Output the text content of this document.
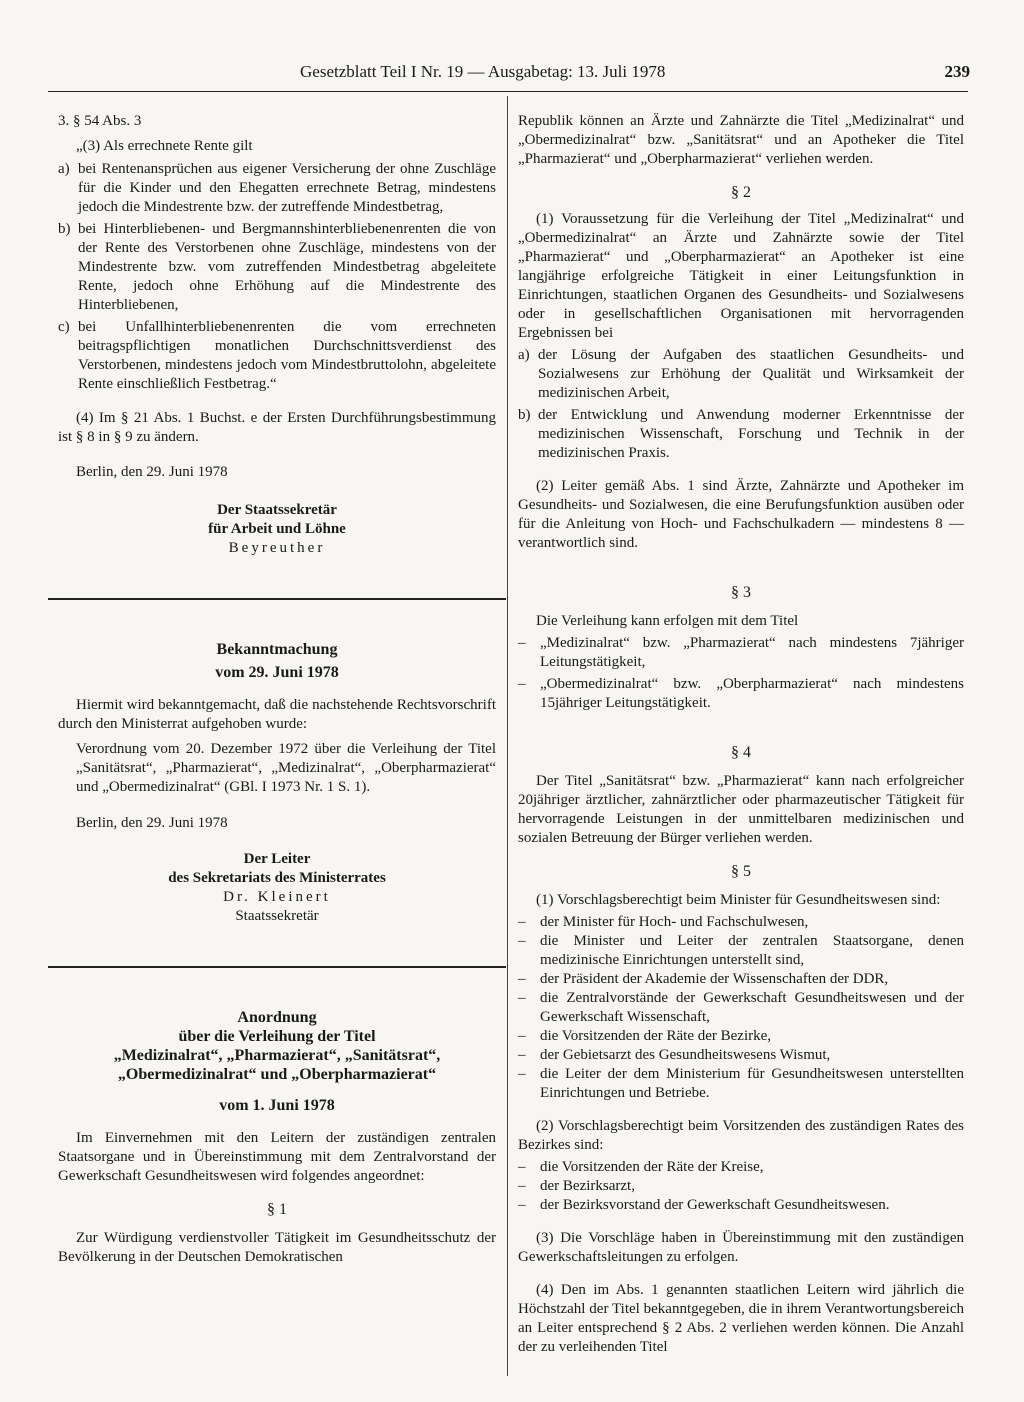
Gesetzblatt Teil I Nr. 19 — Ausgabetag: 13. Juli 1978	239

3. § 54 Abs. 3

„(3) Als errechnete Rente gilt

a) bei Rentenansprüchen aus eigener Versicherung der ohne Zuschläge für die Kinder und den Ehegatten errechnete Betrag, mindestens jedoch die Mindestrente bzw. der zutreffende Mindestbetrag,
b) bei Hinterbliebenen- und Bergmannshinterbliebenenrenten die von der Rente des Verstorbenen ohne Zuschläge, mindestens von der Mindestrente bzw. vom zutreffenden Mindestbetrag abgeleitete Rente, jedoch ohne Erhöhung auf die Mindestrente des Hinterbliebenen,
c) bei Unfallhinterbliebenenrenten die vom errechneten beitragspflichtigen monatlichen Durchschnittsverdienst des Verstorbenen, mindestens jedoch vom Mindestbruttolohn, abgeleitete Rente einschließlich Festbetrag.“

(4) Im § 21 Abs. 1 Buchst. e der Ersten Durchführungsbestimmung ist § 8 in § 9 zu ändern.

Berlin, den 29. Juni 1978

Der Staatssekretär

für Arbeit und Löhne

Beyreuther

Bekanntmachung

vom 29. Juni 1978

Hiermit wird bekanntgemacht, daß die nachstehende Rechtsvorschrift durch den Ministerrat aufgehoben wurde:

Verordnung vom 20. Dezember 1972 über die Verleihung der Titel „Sanitätsrat“, „Pharmazierat“, „Medizinalrat“, „Oberpharmazierat“ und „Obermedizinalrat“ (GBl. I 1973 Nr. 1 S. 1).

Berlin, den 29. Juni 1978

Der Leiter

des Sekretariats des Ministerrates

Dr. Kleinert

Staatssekretär

Anordnung

über die Verleihung der Titel

„Medizinalrat“, „Pharmazierat“, „Sanitätsrat“,

„Obermedizinalrat“ und „Oberpharmazierat“

vom 1. Juni 1978

Im Einvernehmen mit den Leitern der zuständigen zentralen Staatsorgane und in Übereinstimmung mit dem Zentralvorstand der Gewerkschaft Gesundheitswesen wird folgendes angeordnet:

§ 1

Zur Würdigung verdienstvoller Tätigkeit im Gesundheitsschutz der Bevölkerung in der Deutschen Demokratischen

Republik können an Ärzte und Zahnärzte die Titel „Medizinalrat“ und „Obermedizinalrat“ bzw. „Sanitätsrat“ und an Apotheker die Titel „Pharmazierat“ und „Oberpharmazierat“ verliehen werden.

§ 2

(1) Voraussetzung für die Verleihung der Titel „Medizinalrat“ und „Obermedizinalrat“ an Ärzte und Zahnärzte sowie der Titel „Pharmazierat“ und „Oberpharmazierat“ an Apotheker ist eine langjährige erfolgreiche Tätigkeit in einer Leitungsfunktion in Einrichtungen, staatlichen Organen des Gesundheits- und Sozialwesens oder in gesellschaftlichen Organisationen mit hervorragenden Ergebnissen bei

a) der Lösung der Aufgaben des staatlichen Gesundheits- und Sozialwesens zur Erhöhung der Qualität und Wirksamkeit der medizinischen Arbeit,
b) der Entwicklung und Anwendung moderner Erkenntnisse der medizinischen Wissenschaft, Forschung und Technik in der medizinischen Praxis.

(2) Leiter gemäß Abs. 1 sind Ärzte, Zahnärzte und Apotheker im Gesundheits- und Sozialwesen, die eine Berufungsfunktion ausüben oder für die Anleitung von Hoch- und Fachschulkadern — mindestens 8 — verantwortlich sind.

§ 3

Die Verleihung kann erfolgen mit dem Titel

– „Medizinalrat“ bzw. „Pharmazierat“ nach mindestens 7jähriger Leitungstätigkeit,
– „Obermedizinalrat“ bzw. „Oberpharmazierat“ nach mindestens 15jähriger Leitungstätigkeit.

§ 4

Der Titel „Sanitätsrat“ bzw. „Pharmazierat“ kann nach erfolgreicher 20jähriger ärztlicher, zahnärztlicher oder pharmazeutischer Tätigkeit für hervorragende Leistungen in der unmittelbaren medizinischen und sozialen Betreuung der Bürger verliehen werden.

§ 5

(1) Vorschlagsberechtigt beim Minister für Gesundheitswesen sind:

– der Minister für Hoch- und Fachschulwesen,
– die Minister und Leiter der zentralen Staatsorgane, denen medizinische Einrichtungen unterstellt sind,
– der Präsident der Akademie der Wissenschaften der DDR,
– die Zentralvorstände der Gewerkschaft Gesundheitswesen und der Gewerkschaft Wissenschaft,
– die Vorsitzenden der Räte der Bezirke,
– der Gebietsarzt des Gesundheitswesens Wismut,
– die Leiter der dem Ministerium für Gesundheitswesen unterstellten Einrichtungen und Betriebe.

(2) Vorschlagsberechtigt beim Vorsitzenden des zuständigen Rates des Bezirkes sind:

– die Vorsitzenden der Räte der Kreise,
– der Bezirksarzt,
– der Bezirksvorstand der Gewerkschaft Gesundheitswesen.

(3) Die Vorschläge haben in Übereinstimmung mit den zuständigen Gewerkschaftsleitungen zu erfolgen.

(4) Den im Abs. 1 genannten staatlichen Leitern wird jährlich die Höchstzahl der Titel bekanntgegeben, die in ihrem Verantwortungsbereich an Leiter entsprechend § 2 Abs. 2 verliehen werden können. Die Anzahl der zu verleihenden Titel
